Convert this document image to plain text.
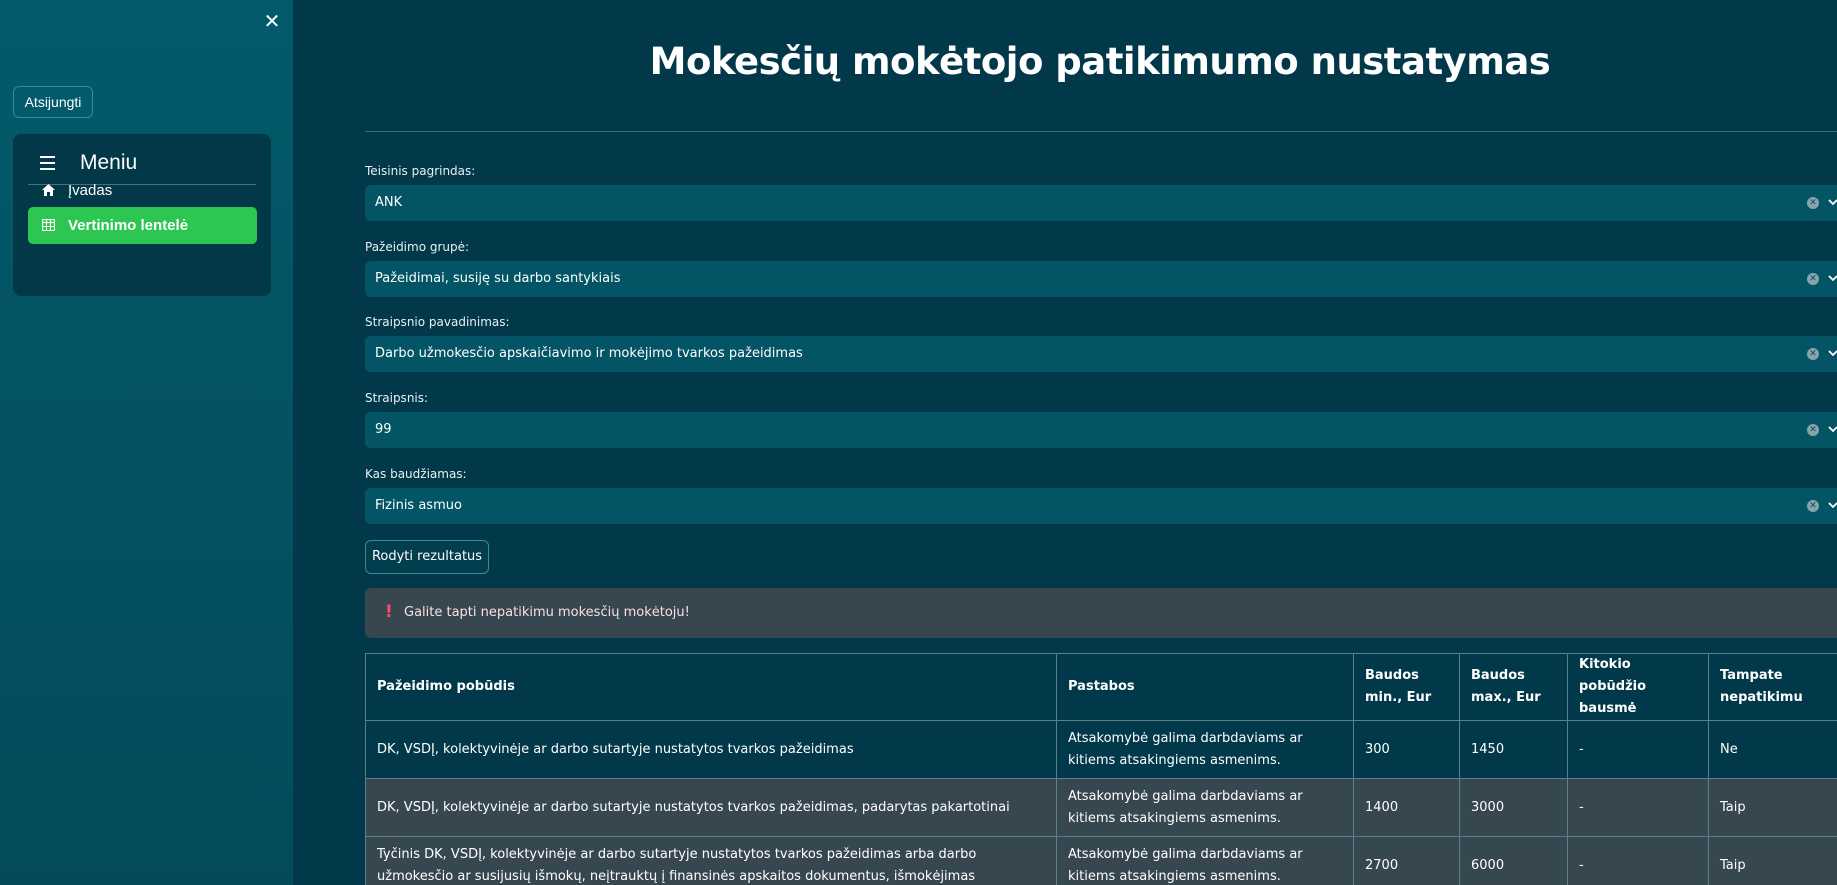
✕
Atsijungti
Meniu
Įvadas
Vertinimo lentelė
Mokesčių mokėtojo patikimumo nustatymas
Teisinis pagrindas:
ANK	✕
Pažeidimo grupė:
Pažeidimai, susiję su darbo santykiais	✕
Straipsnio pavadinimas:
Darbo užmokesčio apskaičiavimo ir mokėjimo tvarkos pažeidimas	✕
Straipsnis:
99	✕
Kas baudžiamas:
Fizinis asmuo	✕
Rodyti rezultatus
! Galite tapti nepatikimu mokesčių mokėtoju!
Pažeidimo pobūdis	Pastabos	Baudos min., Eur	Baudos max., Eur	Kitokio pobūdžio bausmė	Tampate nepatikimu
DK, VSDĮ, kolektyvinėje ar darbo sutartyje nustatytos tvarkos pažeidimas	Atsakomybė galima darbdaviams ar kitiems atsakingiems asmenims.	300	1450	-	Ne
DK, VSDĮ, kolektyvinėje ar darbo sutartyje nustatytos tvarkos pažeidimas, padarytas pakartotinai	Atsakomybė galima darbdaviams ar kitiems atsakingiems asmenims.	1400	3000	-	Taip
Tyčinis DK, VSDĮ, kolektyvinėje ar darbo sutartyje nustatytos tvarkos pažeidimas arba darbo užmokesčio ar susijusių išmokų, neįtrauktų į finansinės apskaitos dokumentus, išmokėjimas	Atsakomybė galima darbdaviams ar kitiems atsakingiems asmenims.	2700	6000	-	Taip
